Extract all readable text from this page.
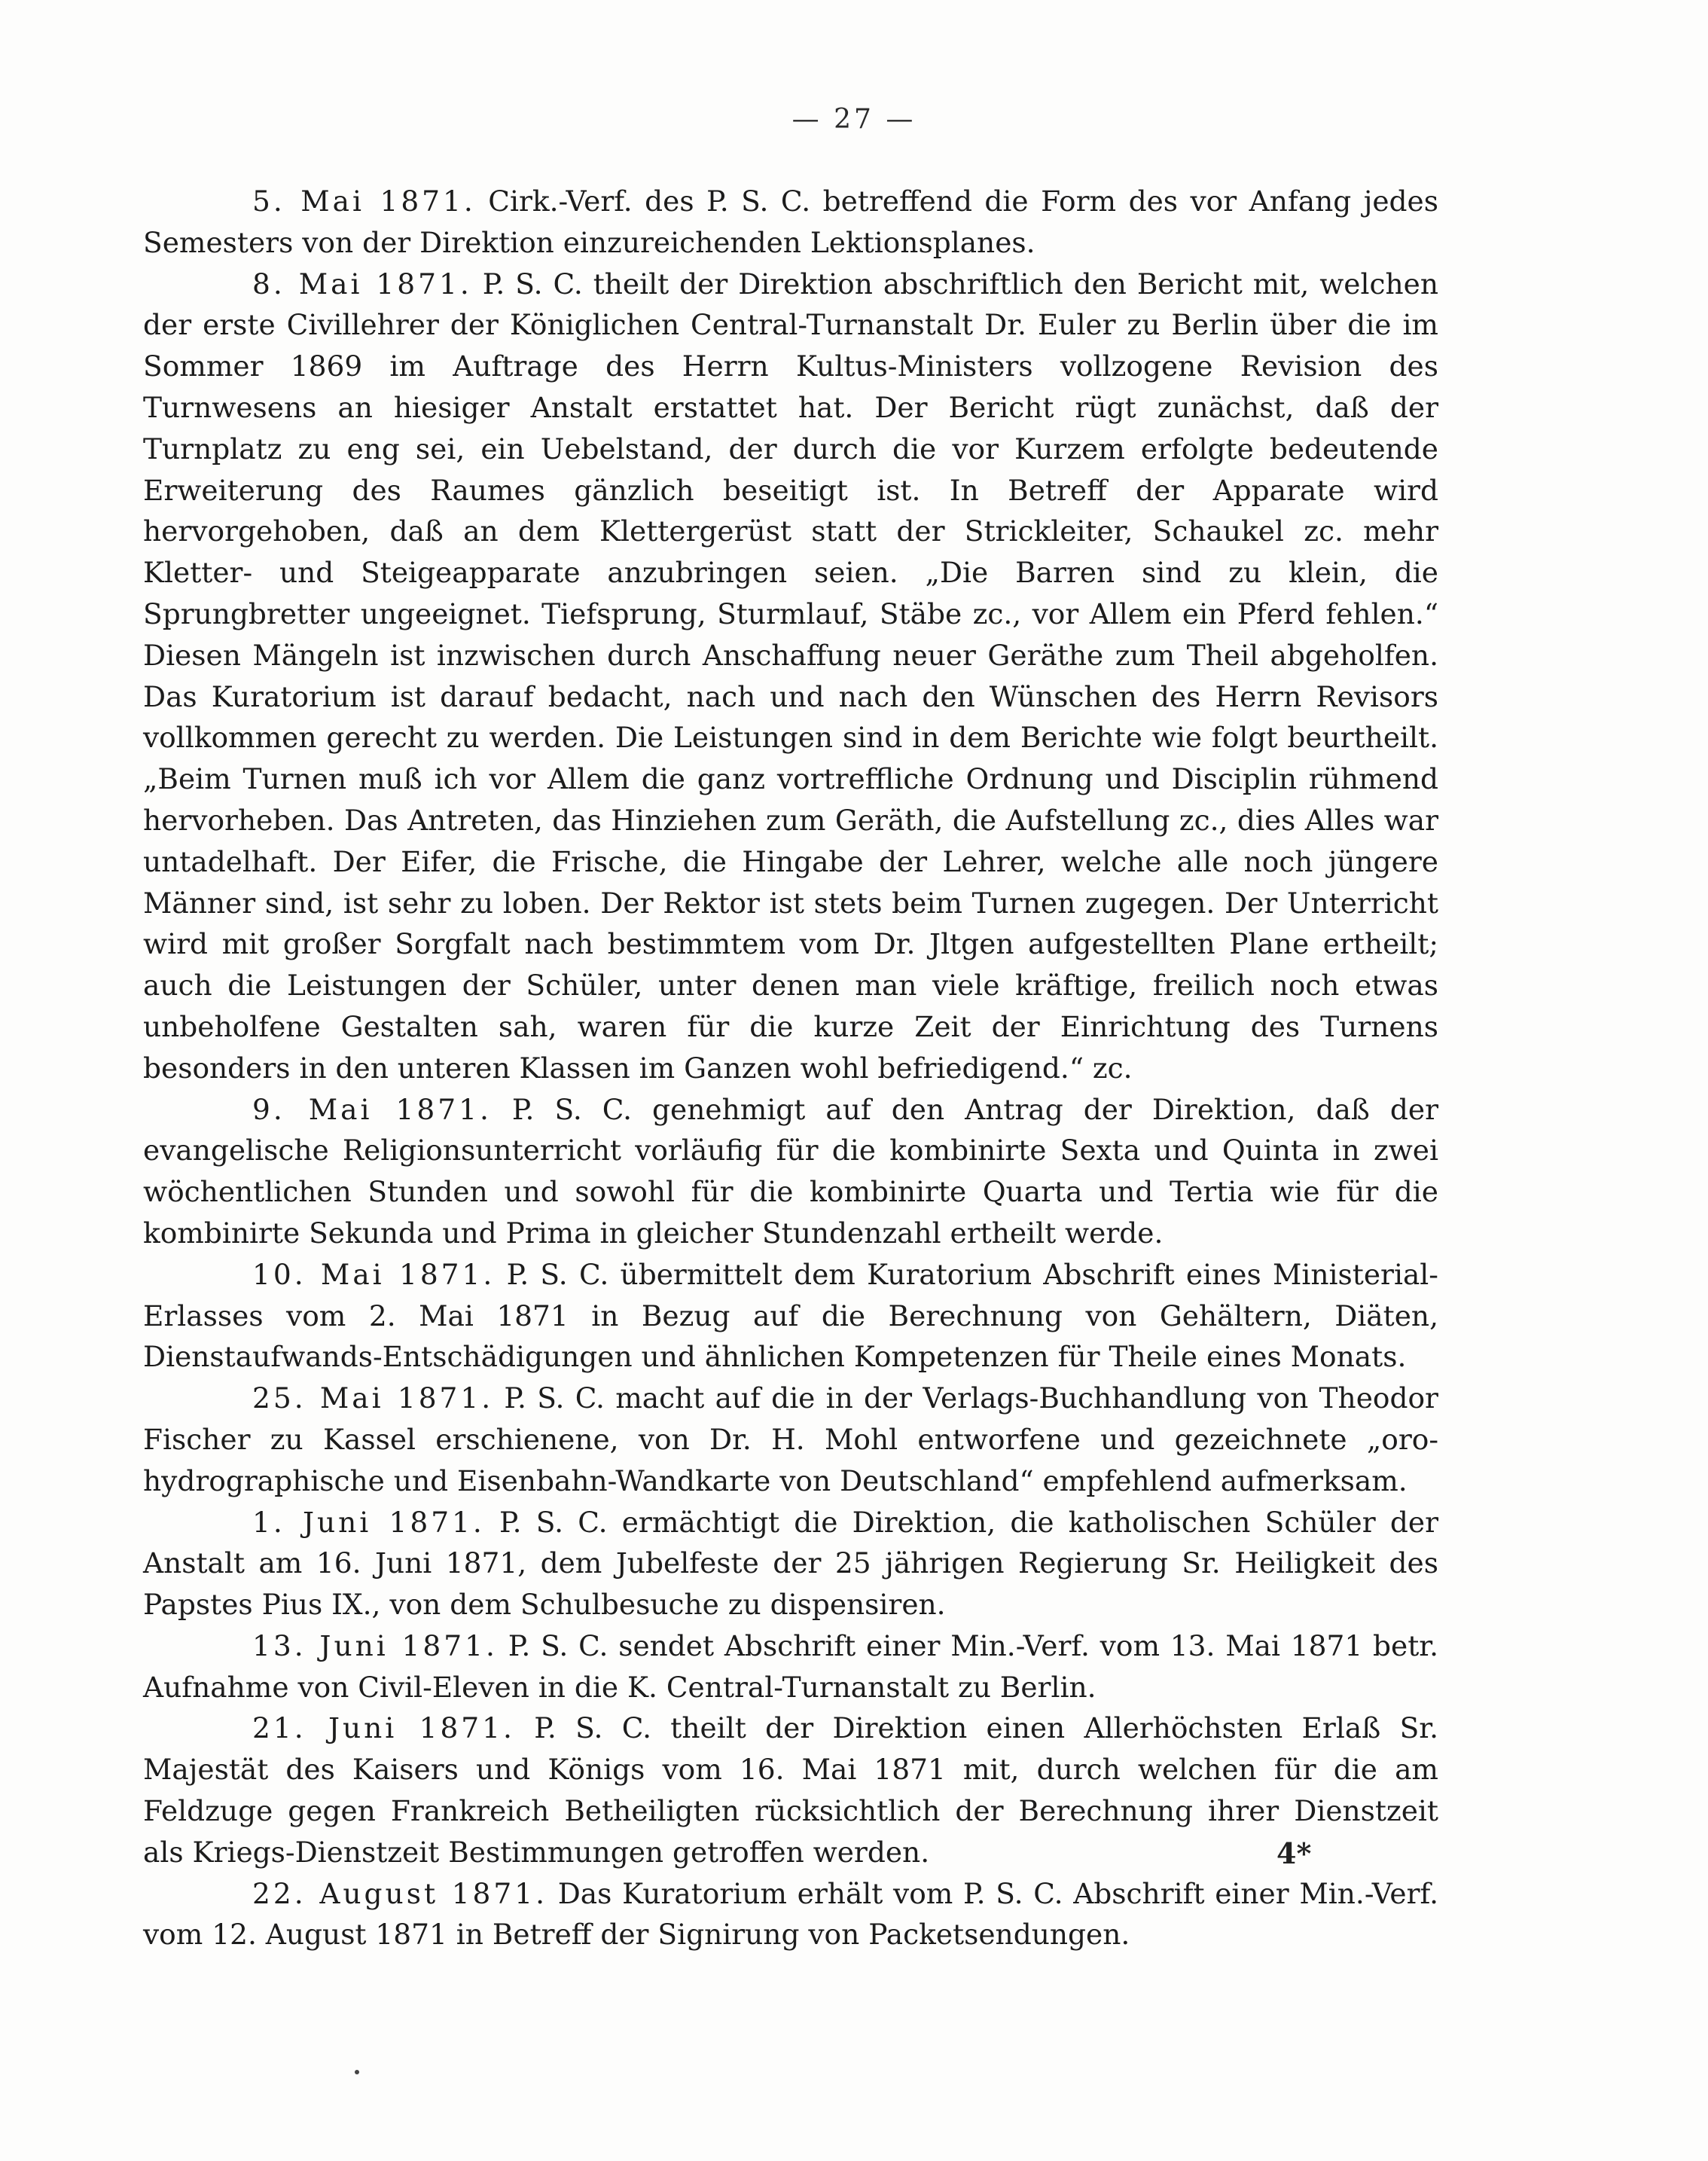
— 27 —

5. Mai 1871. Cirk.-Verf. des P. S. C. betreffend die Form des vor Anfang jedes Semesters von der Direktion einzureichenden Lektionsplanes.

8. Mai 1871. P. S. C. theilt der Direktion abschriftlich den Bericht mit, welchen der erste Civillehrer der Königlichen Central-Turnanstalt Dr. Euler zu Berlin über die im Sommer 1869 im Auftrage des Herrn Kultus-Ministers vollzogene Revision des Turnwesens an hiesiger Anstalt erstattet hat. Der Bericht rügt zunächst, daß der Turnplatz zu eng sei, ein Uebelstand, der durch die vor Kurzem erfolgte bedeutende Erweiterung des Raumes gänzlich beseitigt ist. In Betreff der Apparate wird hervorgehoben, daß an dem Klettergerüst statt der Strickleiter, Schaukel zc. mehr Kletter- und Steigeapparate anzubringen seien. „Die Barren sind zu klein, die Sprungbretter ungeeignet. Tiefsprung, Sturmlauf, Stäbe zc., vor Allem ein Pferd fehlen.“ Diesen Mängeln ist inzwischen durch Anschaffung neuer Geräthe zum Theil abgeholfen. Das Kuratorium ist darauf bedacht, nach und nach den Wünschen des Herrn Revisors vollkommen gerecht zu werden. Die Leistungen sind in dem Berichte wie folgt beurtheilt. „Beim Turnen muß ich vor Allem die ganz vortreffliche Ordnung und Disciplin rühmend hervorheben. Das Antreten, das Hinziehen zum Geräth, die Aufstellung zc., dies Alles war untadelhaft. Der Eifer, die Frische, die Hingabe der Lehrer, welche alle noch jüngere Männer sind, ist sehr zu loben. Der Rektor ist stets beim Turnen zugegen. Der Unterricht wird mit großer Sorgfalt nach bestimmtem vom Dr. Jltgen aufgestellten Plane ertheilt; auch die Leistungen der Schüler, unter denen man viele kräftige, freilich noch etwas unbeholfene Gestalten sah, waren für die kurze Zeit der Einrichtung des Turnens besonders in den unteren Klassen im Ganzen wohl befriedigend.“ zc.

9. Mai 1871. P. S. C. genehmigt auf den Antrag der Direktion, daß der evangelische Religionsunterricht vorläufig für die kombinirte Sexta und Quinta in zwei wöchentlichen Stunden und sowohl für die kombinirte Quarta und Tertia wie für die kombinirte Sekunda und Prima in gleicher Stundenzahl ertheilt werde.

10. Mai 1871. P. S. C. übermittelt dem Kuratorium Abschrift eines Ministerial-Erlasses vom 2. Mai 1871 in Bezug auf die Berechnung von Gehältern, Diäten, Dienstaufwands-Entschädigungen und ähnlichen Kompetenzen für Theile eines Monats.

25. Mai 1871. P. S. C. macht auf die in der Verlags-Buchhandlung von Theodor Fischer zu Kassel erschienene, von Dr. H. Mohl entworfene und gezeichnete „oro-hydrographische und Eisenbahn-Wandkarte von Deutschland“ empfehlend aufmerksam.

1. Juni 1871. P. S. C. ermächtigt die Direktion, die katholischen Schüler der Anstalt am 16. Juni 1871, dem Jubelfeste der 25 jährigen Regierung Sr. Heiligkeit des Papstes Pius IX., von dem Schulbesuche zu dispensiren.

13. Juni 1871. P. S. C. sendet Abschrift einer Min.-Verf. vom 13. Mai 1871 betr. Aufnahme von Civil-Eleven in die K. Central-Turnanstalt zu Berlin.

21. Juni 1871. P. S. C. theilt der Direktion einen Allerhöchsten Erlaß Sr. Majestät des Kaisers und Königs vom 16. Mai 1871 mit, durch welchen für die am Feldzuge gegen Frankreich Betheiligten rücksichtlich der Berechnung ihrer Dienstzeit als Kriegs-Dienstzeit Bestimmungen getroffen werden.

22. August 1871. Das Kuratorium erhält vom P. S. C. Abschrift einer Min.-Verf. vom 12. August 1871 in Betreff der Signirung von Packetsendungen.

4*
